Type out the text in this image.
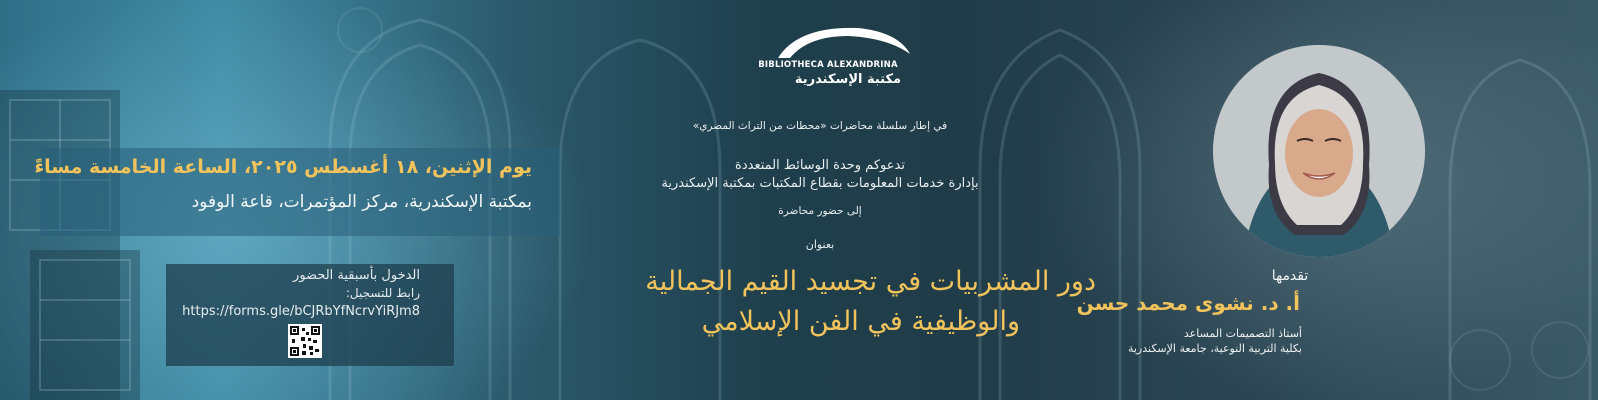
BIBLIOTHECA ALEXANDRINA
مكتبة الإسكندرية
يوم الإثنين، ١٨ أغسطس ٢٠٢٥، الساعة الخامسة مساءً
بمكتبة الإسكندرية، مركز المؤتمرات، قاعة الوفود
الدخول بأسبقية الحضور
رابط للتسجيل:
https://forms.gle/bCJRbYfNcrvYiRJm8
في إطار سلسلة محاضرات «محطات من التراث المصري»
تدعوكم وحدة الوسائط المتعددة
بإدارة خدمات المعلومات بقطاع المكتبات بمكتبة الإسكندرية
إلى حضور محاضرة
بعنوان
دور المشربيات في تجسيد القيم الجمالية
والوظيفية في الفن الإسلامي
تقدمها
أ. د. نشوى محمد حسن
أستاذ التصميمات المساعد
بكلية التربية النوعية، جامعة الإسكندرية
